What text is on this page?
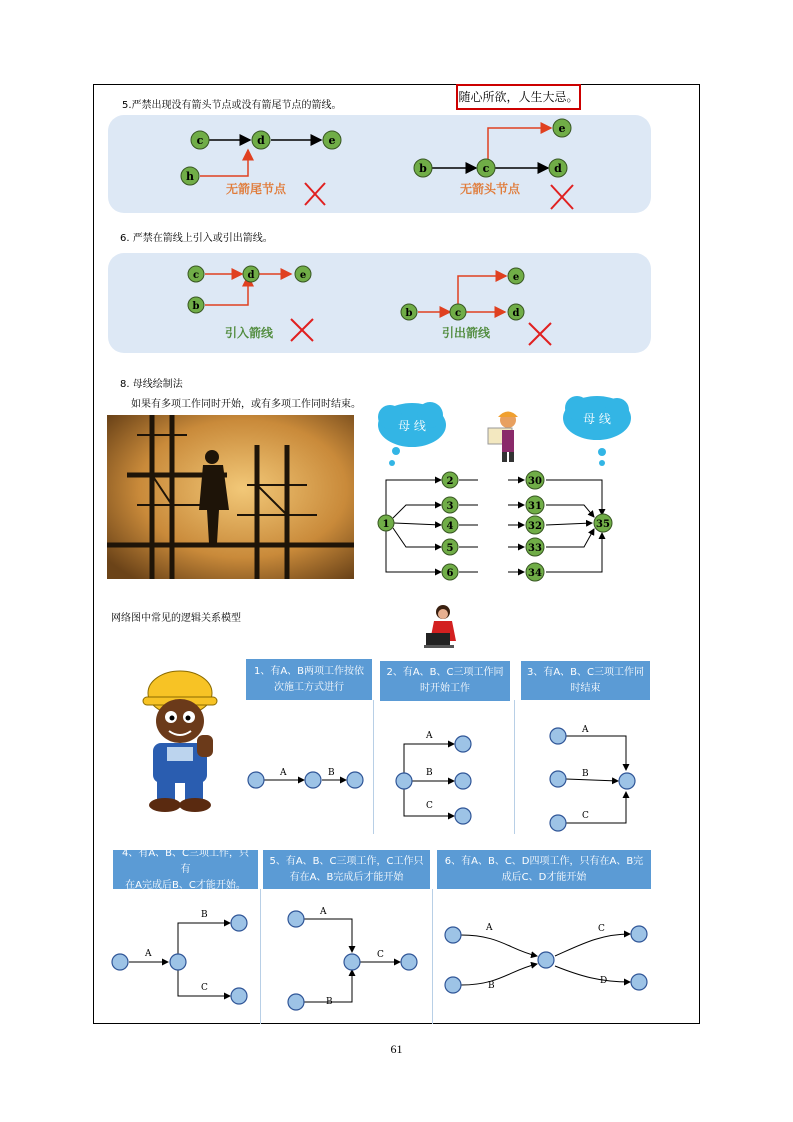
随心所欲，人生大忌。
5.严禁出现没有箭头节点或没有箭尾节点的箭线。
c	d	e
h
无箭尾节点
b	c
e
d
无箭头节点
6. 严禁在箭线上引入或引出箭线。
c	d	e
b
引入箭线
b	c
e
d
引出箭线
8. 母线绘制法
如果有多项工作同时开始，或有多项工作同时结束。
母 线	母 线
1
2
3
4
5
6
30
31
32
33
34
35
网络图中常见的逻辑关系模型
1、有A、B两项工作按依
次施工方式进行
2、有A、B、C三项工作同
时开始工作
3、有A、B、C三项工作同
时结束
A	B
A
B
C
A
B
C
4、有A、B、C三项工作，只有
在A完成后B、C才能开始。
5、有A、B、C三项工作，C工作只
有在A、B完成后才能开始
6、有A、B、C、D四项工作，只有在A、B完
成后C、D才能开始
A
B
C
A
B
C
A
B
C
D
61
